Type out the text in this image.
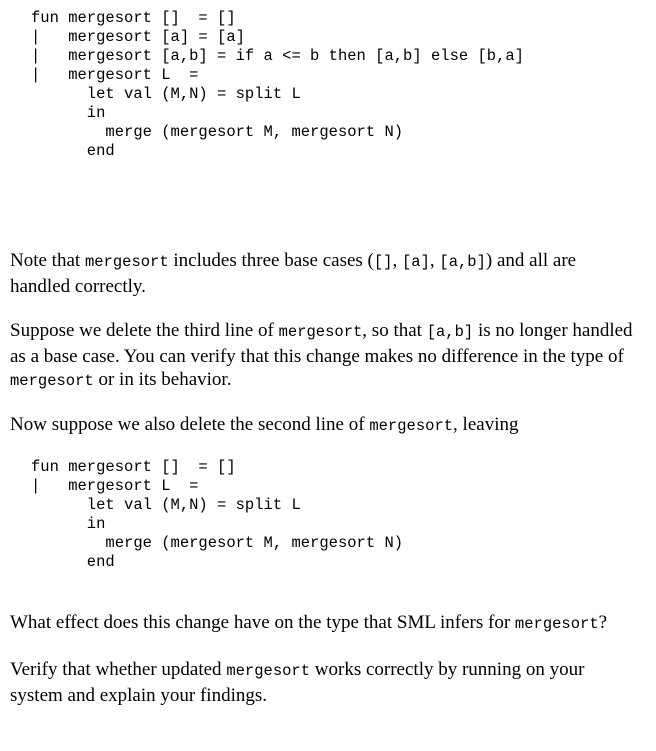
fun mergesort []  = []
|   mergesort [a] = [a]
|   mergesort [a,b] = if a <= b then [a,b] else [b,a]
|   mergesort L  =
let val (M,N) = split L
in
merge (mergesort M, mergesort N)
end

Note that mergesort includes three base cases ([], [a], [a,b]) and all are
handled correctly.

Suppose we delete the third line of mergesort, so that [a,b] is no longer handled
as a base case. You can verify that this change makes no difference in the type of
mergesort or in its behavior.

Now suppose we also delete the second line of mergesort, leaving

fun mergesort []  = []
|   mergesort L  =
let val (M,N) = split L
in
merge (mergesort M, mergesort N)
end

What effect does this change have on the type that SML infers for mergesort?

Verify that whether updated mergesort works correctly by running on your
system and explain your findings.
